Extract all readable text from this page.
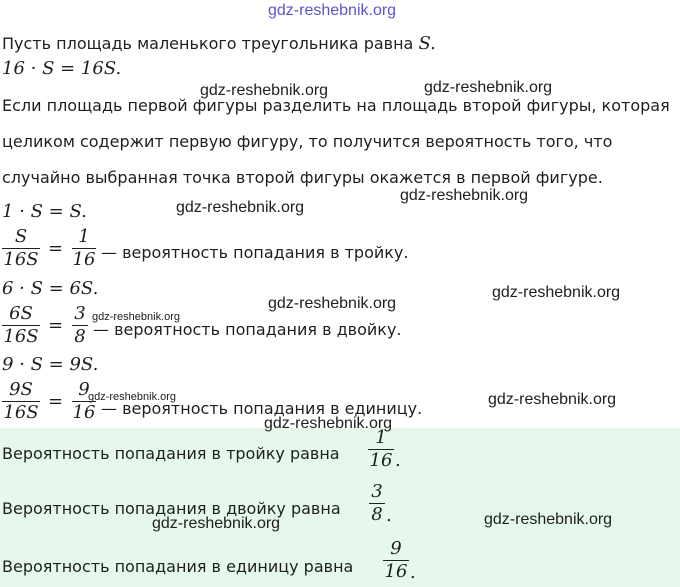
Пусть площадь маленького треугольника равна S.
16 · S = 16S.
Если площадь первой фигуры разделить на площадь второй фигуры, которая
целиком содержит первую фигуру, то получится вероятность того, что
случайно выбранная точка второй фигуры окажется в первой фигуре.
1 · S = S.
S
16S
=
1
16 — вероятность попадания в тройку.
6 · S = 6S.
6S
16S
=
3
8 — вероятность попадания в двойку.
9 · S = 9S.
9S
16S
=
9
16 — вероятность попадания в единицу.
Вероятность попадания в тройку равна
1
16 .
Вероятность попадания в двойку равна
3
8 .
Вероятность попадания в единицу равна
9
16 .
gdz-reshebnik.org
gdz-reshebnik.org	gdz-reshebnik.org
gdz-reshebnik.org
gdz-reshebnik.org
gdz-reshebnik.org
gdz-reshebnik.org
gdz-reshebnik.org
gdz-reshebnik.org	gdz-reshebnik.org
gdz-reshebnik.org
gdz-reshebnik.org	gdz-reshebnik.org
